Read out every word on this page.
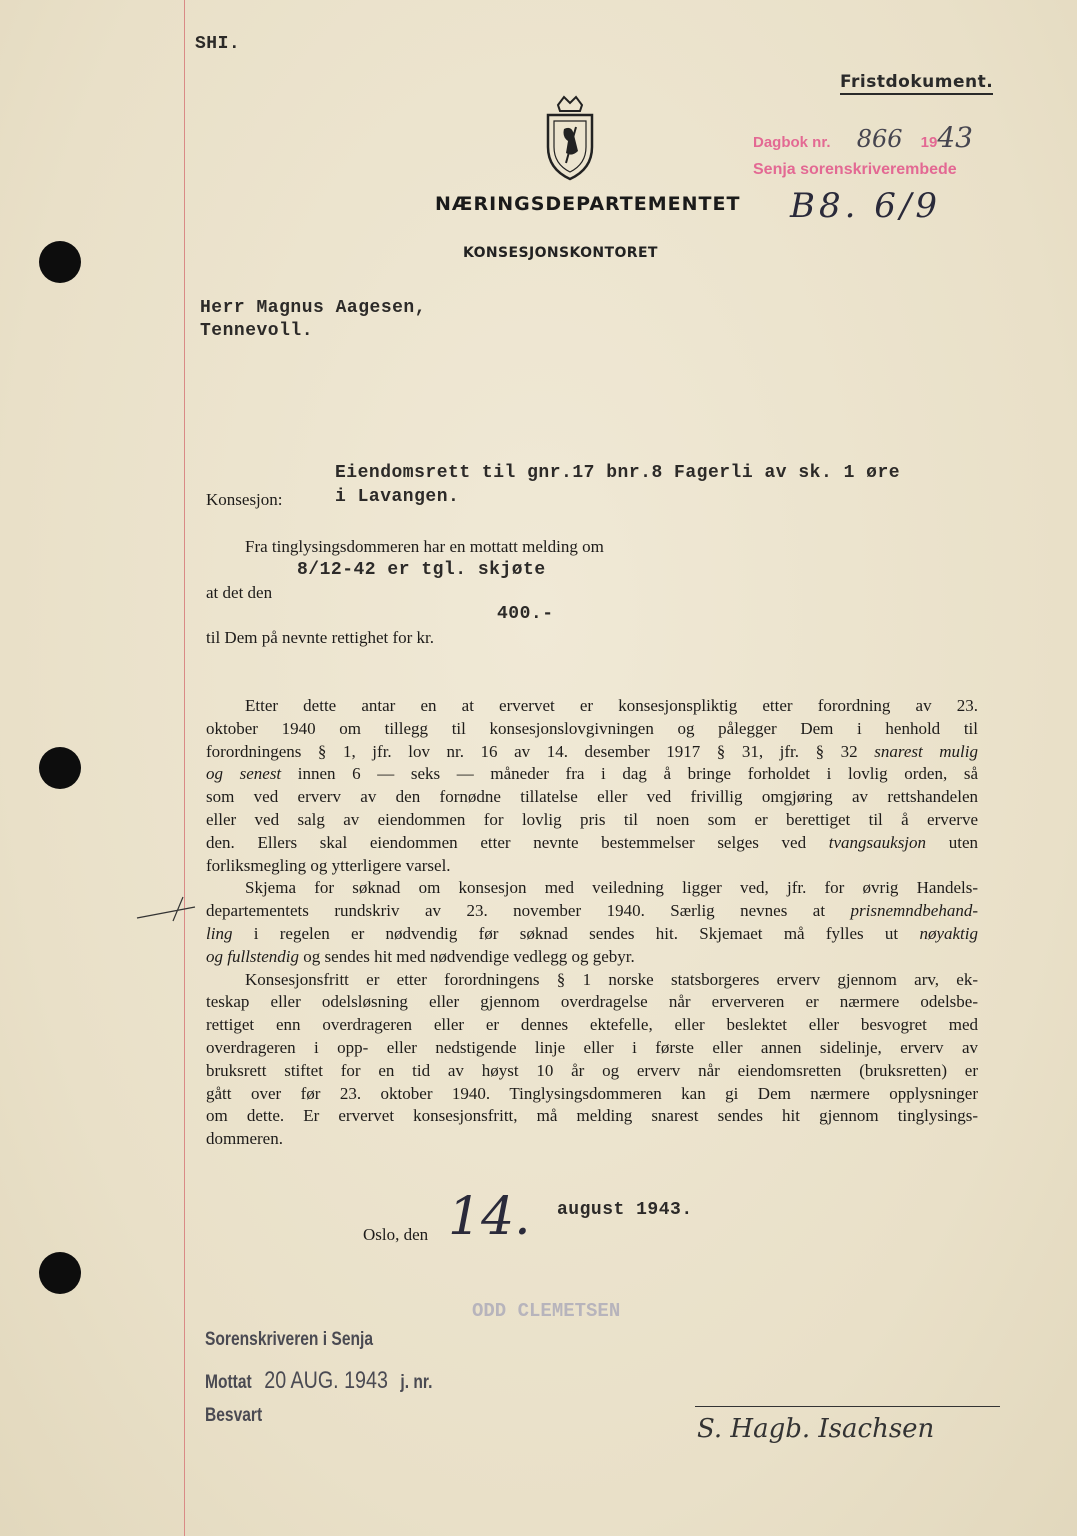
SHI.
Fristdokument.
NÆRINGSDEPARTEMENTET
KONSESJONSKONTORET
Dagbok nr. 866 1943
Senja sorenskriverembede
B8. 6/9
Herr Magnus Aagesen,
Tennevoll.
Konsesjon:
Eiendomsrett til gnr.17 bnr.8 Fagerli av sk. 1 øre
i Lavangen.
Fra tinglysingsdommeren har en mottatt melding om
8/12-42 er tgl. skjøte
at det den
400.-
til Dem på nevnte rettighet for kr.
Etter dette antar en at ervervet er konsesjonspliktig etter forordning av 23.
oktober 1940 om tillegg til konsesjonslovgivningen og pålegger Dem i henhold til
forordningens § 1, jfr. lov nr. 16 av 14. desember 1917 § 31, jfr. § 32 snarest mulig
og senest innen 6 — seks — måneder fra i dag å bringe forholdet i lovlig orden, så
som ved erverv av den fornødne tillatelse eller ved frivillig omgjøring av rettshandelen
eller ved salg av eiendommen for lovlig pris til noen som er berettiget til å erverve
den. Ellers skal eiendommen etter nevnte bestemmelser selges ved tvangsauksjon uten
forliksmegling og ytterligere varsel.
Skjema for søknad om konsesjon med veiledning ligger ved, jfr. for øvrig Handels-
departementets rundskriv av 23. november 1940. Særlig nevnes at prisnemndbehand-
ling i regelen er nødvendig før søknad sendes hit. Skjemaet må fylles ut nøyaktig
og fullstendig og sendes hit med nødvendige vedlegg og gebyr.
Konsesjonsfritt er etter forordningens § 1 norske statsborgeres erverv gjennom arv, ek-
teskap eller odelsløsning eller gjennom overdragelse når erververen er nærmere odelsbe-
rettiget enn overdrageren eller er dennes ektefelle, eller beslektet eller besvogret med
overdrageren i opp- eller nedstigende linje eller i første eller annen sidelinje, erverv av
bruksrett stiftet for en tid av høyst 10 år og erverv når eiendomsretten (bruksretten) er
gått over før 23. oktober 1940. Tinglysingsdommeren kan gi Dem nærmere opplysninger
om dette. Er ervervet konsesjonsfritt, må melding snarest sendes hit gjennom tinglysings-
dommeren.
Oslo, den 14. august 1943.
ODD CLEMETSEN
Sorenskriveren i Senja
Mottat 20 AUG. 1943 j. nr.
Besvart	S. Hagb. Isachsen
